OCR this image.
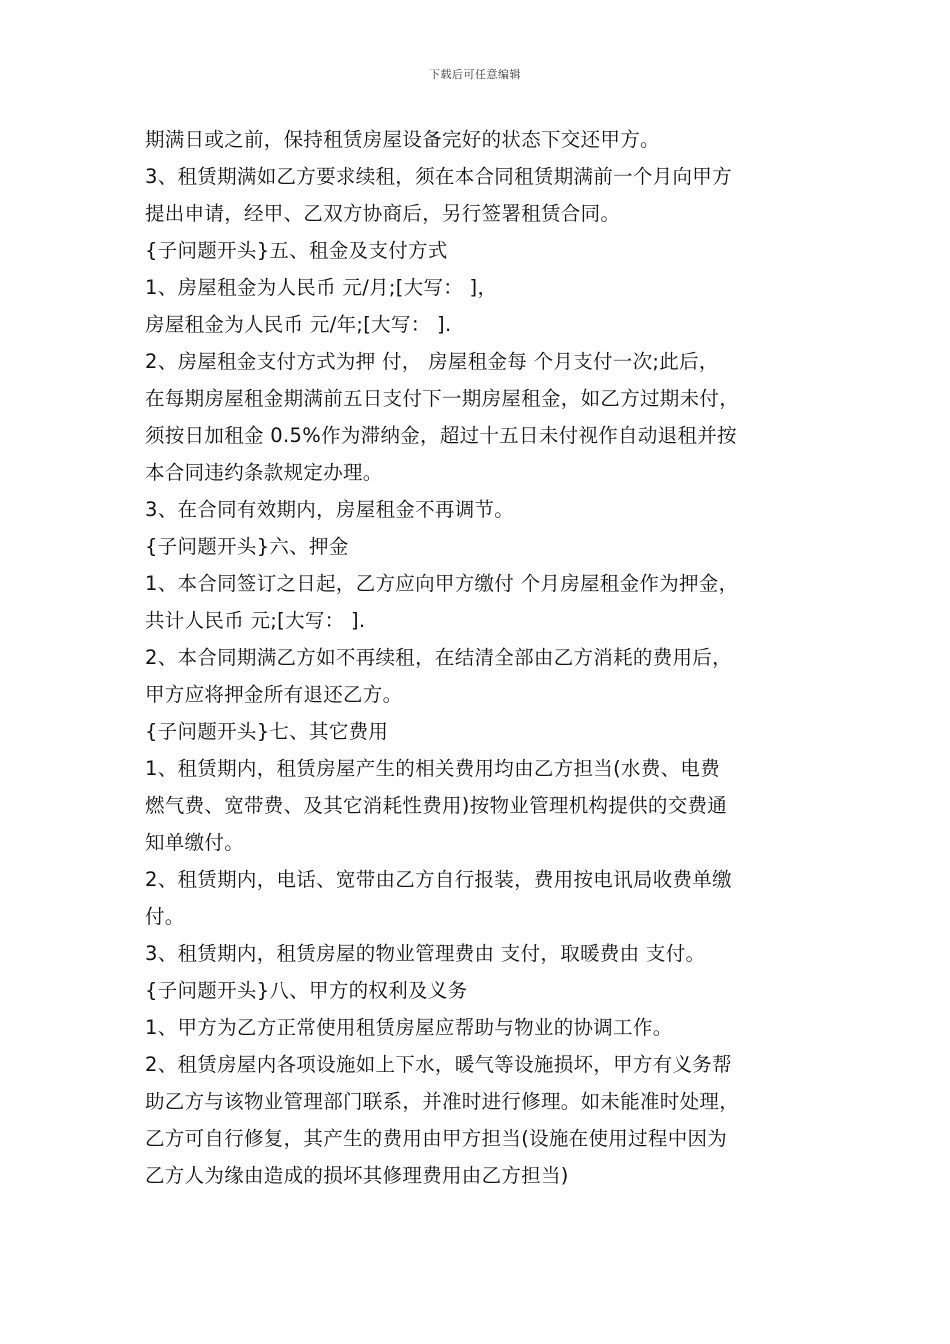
下载后可任意编辑
期满日或之前，保持租赁房屋设备完好的状态下交还甲方。
3、租赁期满如乙方要求续租，须在本合同租赁期满前一个月向甲方
提出申请，经甲、乙双方协商后，另行签署租赁合同。
{子问题开头}五、租金及支付方式
1、房屋租金为人民币 元/月;[大写： ]，
房屋租金为人民币 元/年;[大写： ].
2、房屋租金支付方式为押 付， 房屋租金每 个月支付一次;此后，
在每期房屋租金期满前五日支付下一期房屋租金，如乙方过期未付，
须按日加租金 0.5%作为滞纳金，超过十五日未付视作自动退租并按
本合同违约条款规定办理。
3、在合同有效期内，房屋租金不再调节。
{子问题开头}六、押金
1、本合同签订之日起，乙方应向甲方缴付 个月房屋租金作为押金，
共计人民币 元;[大写： ].
2、本合同期满乙方如不再续租，在结清全部由乙方消耗的费用后，
甲方应将押金所有退还乙方。
{子问题开头}七、其它费用
1、租赁期内，租赁房屋产生的相关费用均由乙方担当(水费、电费
燃气费、宽带费、及其它消耗性费用)按物业管理机构提供的交费通
知单缴付。
2、租赁期内，电话、宽带由乙方自行报装，费用按电讯局收费单缴
付。
3、租赁期内，租赁房屋的物业管理费由 支付，取暖费由 支付。
{子问题开头}八、甲方的权利及义务
1、甲方为乙方正常使用租赁房屋应帮助与物业的协调工作。
2、租赁房屋内各项设施如上下水，暖气等设施损坏，甲方有义务帮
助乙方与该物业管理部门联系，并准时进行修理。如未能准时处理，
乙方可自行修复，其产生的费用由甲方担当(设施在使用过程中因为
乙方人为缘由造成的损坏其修理费用由乙方担当)
